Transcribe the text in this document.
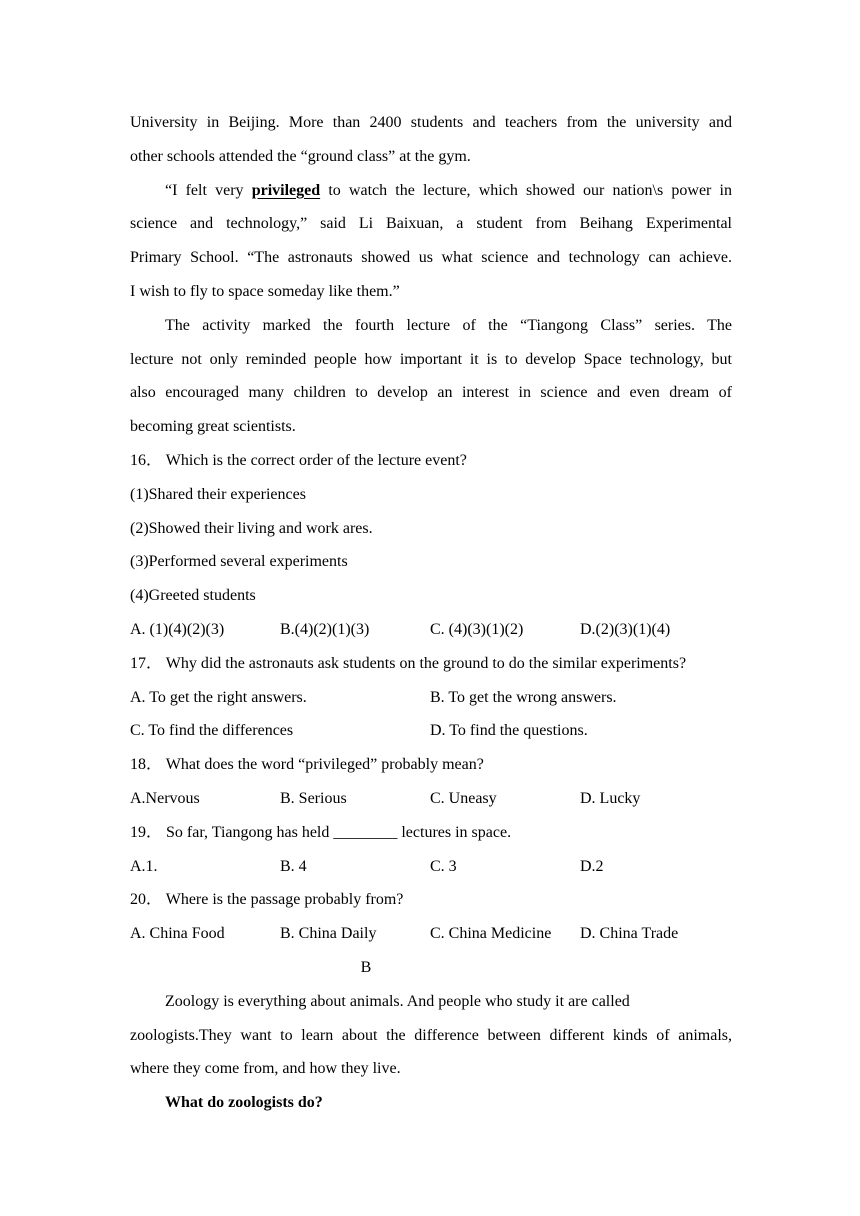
University in Beijing. More than 2400 students and teachers from the university and
other schools attended the “ground class” at the gym.
“I felt very privileged to watch the lecture, which showed our nation\s power in
science and technology,” said Li Baixuan, a student from Beihang Experimental
Primary School. “The astronauts showed us what science and technology can achieve.
I wish to fly to space someday like them.”
The activity marked the fourth lecture of the “Tiangong Class” series. The
lecture not only reminded people how important it is to develop Space technology, but
also encouraged many children to develop an interest in science and even dream of
becoming great scientists.
16． Which is the correct order of the lecture event?
(1)Shared their experiences
(2)Showed their living and work ares.
(3)Performed several experiments
(4)Greeted students
A. (1)(4)(2)(3)	B.(4)(2)(1)(3)	C. (4)(3)(1)(2)	D.(2)(3)(1)(4)
17． Why did the astronauts ask students on the ground to do the similar experiments?
A. To get the right answers.	B. To get the wrong answers.
C. To find the differences	D. To find the questions.
18． What does the word “privileged” probably mean?
A.Nervous	B. Serious	C. Uneasy	D. Lucky
19． So far, Tiangong has held ________ lectures in space.
A.1.	B. 4	C. 3	D.2
20． Where is the passage probably from?
A. China Food	B. China Daily	C. China Medicine	D. China Trade
B
Zoology is everything about animals. And people who study it are called
zoologists.They want to learn about the difference between different kinds of animals,
where they come from, and how they live.
What do zoologists do?
